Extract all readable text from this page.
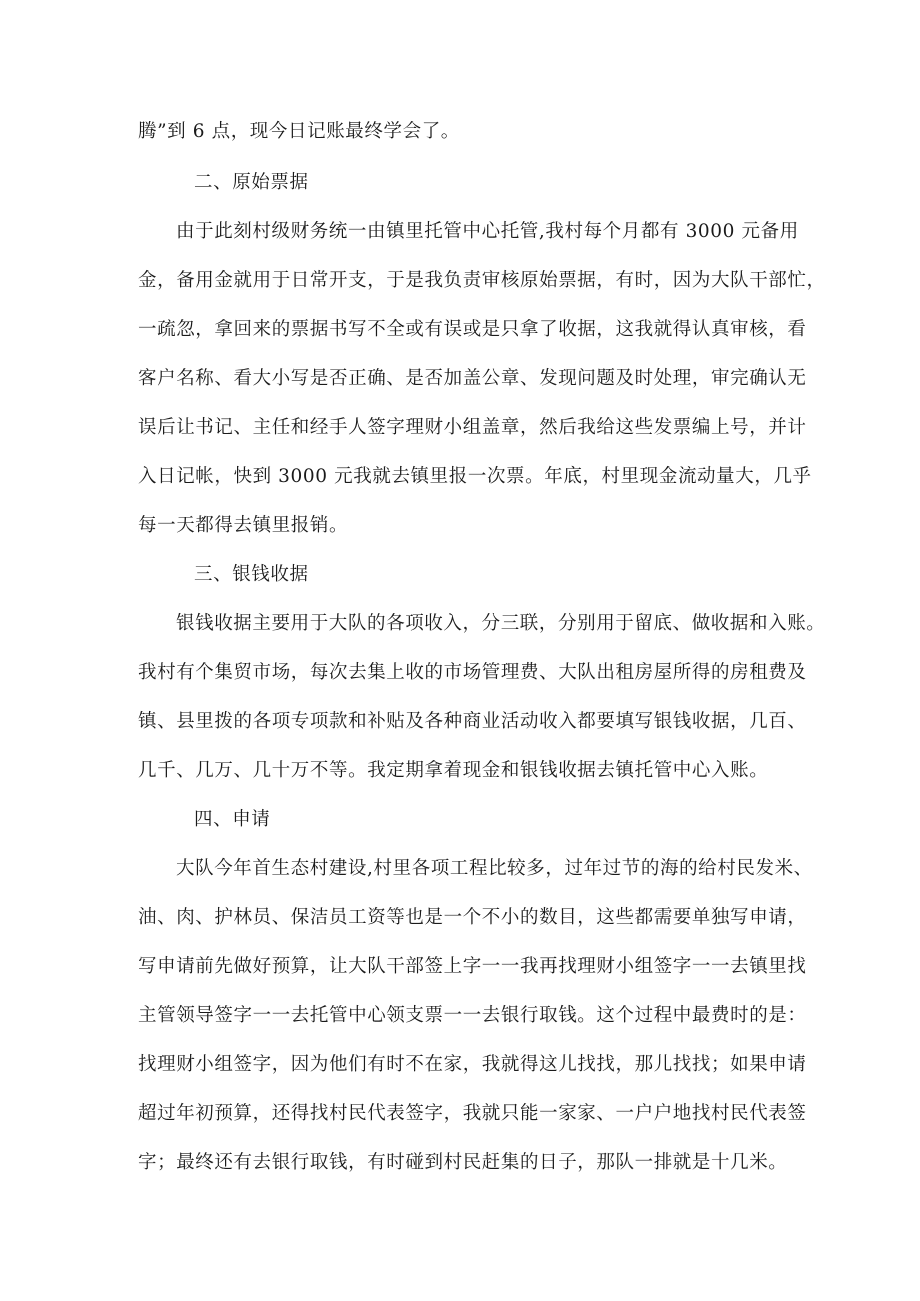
腾”到 6 点，现今日记账最终学会了。
二、原始票据
由于此刻村级财务统一由镇里托管中心托管,我村每个月都有 3000 元备用
金，备用金就用于日常开支，于是我负责审核原始票据，有时，因为大队干部忙，
一疏忽，拿回来的票据书写不全或有误或是只拿了收据，这我就得认真审核，看
客户名称、看大小写是否正确、是否加盖公章、发现问题及时处理，审完确认无
误后让书记、主任和经手人签字理财小组盖章，然后我给这些发票编上号，并计
入日记帐，快到 3000 元我就去镇里报一次票。年底，村里现金流动量大，几乎
每一天都得去镇里报销。
三、银钱收据
银钱收据主要用于大队的各项收入，分三联，分别用于留底、做收据和入账。
我村有个集贸市场，每次去集上收的市场管理费、大队出租房屋所得的房租费及
镇、县里拨的各项专项款和补贴及各种商业活动收入都要填写银钱收据，几百、
几千、几万、几十万不等。我定期拿着现金和银钱收据去镇托管中心入账。
四、申请
大队今年首生态村建设,村里各项工程比较多，过年过节的海的给村民发米、
油、肉、护林员、保洁员工资等也是一个不小的数目，这些都需要单独写申请，
写申请前先做好预算，让大队干部签上字一一我再找理财小组签字一一去镇里找
主管领导签字一一去托管中心领支票一一去银行取钱。这个过程中最费时的是：
找理财小组签字，因为他们有时不在家，我就得这儿找找，那儿找找；如果申请
超过年初预算，还得找村民代表签字，我就只能一家家、一户户地找村民代表签
字；最终还有去银行取钱，有时碰到村民赶集的日子，那队一排就是十几米。
